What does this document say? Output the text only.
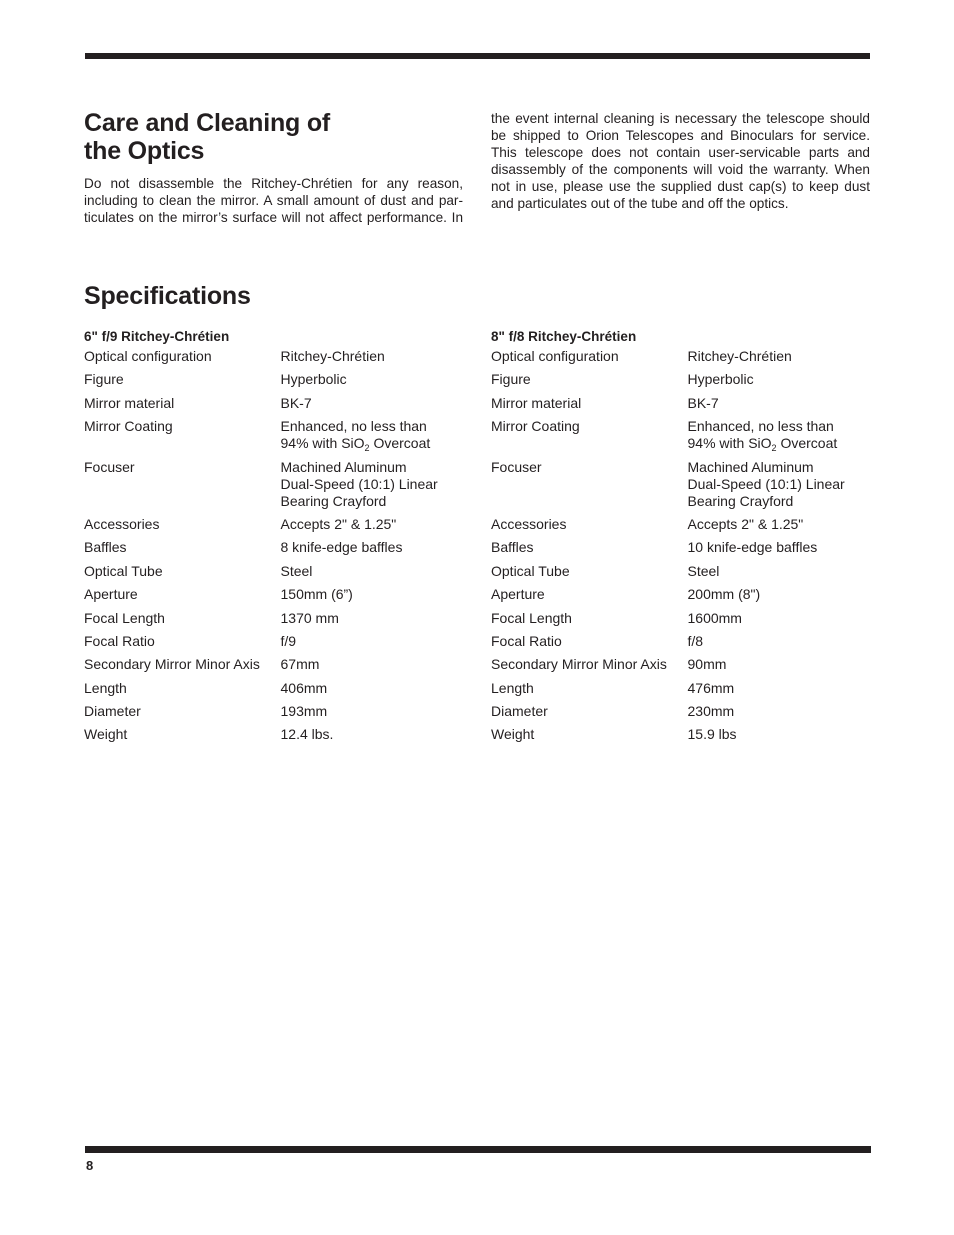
Care and Cleaning of
the Optics
Do not disassemble the Ritchey-Chrétien for any reason,
including to clean the mirror. A small amount of dust and par-
ticulates on the mirror’s surface will not affect performance. In
the event internal cleaning is necessary the telescope should
be shipped to Orion Telescopes and Binoculars for service.
This telescope does not contain user-servicable parts and
disassembly of the components will void the warranty. When
not in use, please use the supplied dust cap(s) to keep dust
and particulates out of the tube and off the optics.
Specifications
6" f/9 Ritchey-Chrétien
Optical configuration	Ritchey-Chrétien
Figure	Hyperbolic
Mirror material	BK-7
Mirror Coating	Enhanced, no less than
94% with SiO$_2$ Overcoat
Focuser	Machined Aluminum
Dual-Speed (10:1) Linear
Bearing Crayford
Accessories	Accepts 2" & 1.25"
Baffles	8 knife-edge baffles
Optical Tube	Steel
Aperture	150mm (6”)
Focal Length	1370 mm
Focal Ratio	f/9
Secondary Mirror Minor Axis	67mm
Length	406mm
Diameter	193mm
Weight	12.4 lbs.
8" f/8 Ritchey-Chrétien
Optical configuration	Ritchey-Chrétien
Figure	Hyperbolic
Mirror material	BK-7
Mirror Coating	Enhanced, no less than
94% with SiO$_2$ Overcoat
Focuser	Machined Aluminum
Dual-Speed (10:1) Linear
Bearing Crayford
Accessories	Accepts 2" & 1.25"
Baffles	10 knife-edge baffles
Optical Tube	Steel
Aperture	200mm (8")
Focal Length	1600mm
Focal Ratio	f/8
Secondary Mirror Minor Axis	90mm
Length	476mm
Diameter	230mm
Weight	15.9 lbs
8
